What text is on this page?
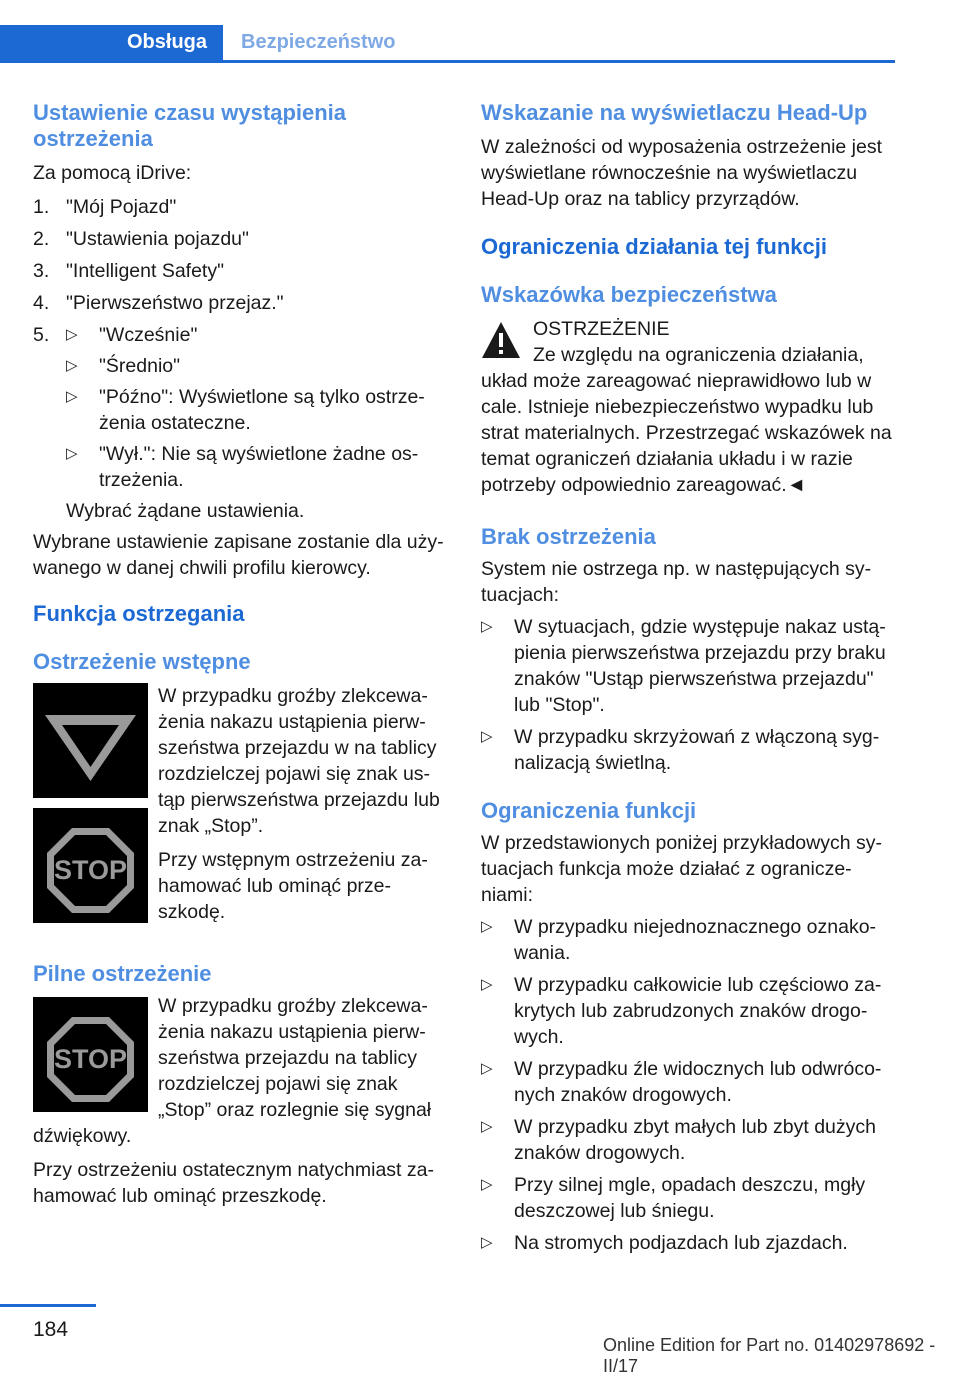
Obsługa	Bezpieczeństwo
Ustawienie czasu wystąpienia ostrzeżenia

Za pomocą iDrive:

1. "Mój Pojazd"
2. "Ustawienia pojazdu"
3. "Intelligent Safety"
4. "Pierwszeństwo przejaz."
5. ▷ "Wcześnie"
▷ "Średnio"
▷ "Późno": Wyświetlone są tylko ostrze- żenia ostateczne.
▷ "Wył.": Nie są wyświetlone żadne os- trzeżenia.

Wybrać żądane ustawienia.

Wybrane ustawienie zapisane zostanie dla uży- wanego w danej chwili profilu kierowcy.

Funkcja ostrzegania
Ostrzeżenie wstępne
STOP

W przypadku groźby zlekcewa- żenia nakazu ustąpienia pierw- szeństwa przejazdu w na tablicy rozdzielczej pojawi się znak us- tąp pierwszeństwa przejazdu lub znak „Stop”.

Przy wstępnym ostrzeżeniu za- hamować lub ominąć prze- szkodę.

Pilne ostrzeżenie
STOP

W przypadku groźby zlekcewa- żenia nakazu ustąpienia pierw- szeństwa przejazdu na tablicy rozdzielczej pojawi się znak „Stop” oraz rozlegnie się sygnał dźwiękowy.

Przy ostrzeżeniu ostatecznym natychmiast za- hamować lub ominąć przeszkodę.

Wskazanie na wyświetlaczu Head-Up

W zależności od wyposażenia ostrzeżenie jest wyświetlane równocześnie na wyświetlaczu Head-Up oraz na tablicy przyrządów.

Ograniczenia działania tej funkcji
Wskazówka bezpieczeństwa

OSTRZEŻENIE

Ze względu na ograniczenia działania, układ może zareagować nieprawidłowo lub w cale. Istnieje niebezpieczeństwo wypadku lub strat materialnych. Przestrzegać wskazówek na temat ograniczeń działania układu i w razie potrzeby odpowiednio zareagować.◄

Brak ostrzeżenia

System nie ostrzega np. w następujących sy- tuacjach:

▷ W sytuacjach, gdzie występuje nakaz ustą- pienia pierwszeństwa przejazdu przy braku znaków "Ustąp pierwszeństwa przejazdu" lub "Stop".
▷ W przypadku skrzyżowań z włączoną syg- nalizacją świetlną.
Ograniczenia funkcji

W przedstawionych poniżej przykładowych sy- tuacjach funkcja może działać z ogranicze- niami:

▷ W przypadku niejednoznacznego oznako- wania.
▷ W przypadku całkowicie lub częściowo za- krytych lub zabrudzonych znaków drogo- wych.
▷ W przypadku źle widocznych lub odwróco- nych znaków drogowych.
▷ W przypadku zbyt małych lub zbyt dużych znaków drogowych.
▷ Przy silnej mgle, opadach deszczu, mgły deszczowej lub śniegu.
▷ Na stromych podjazdach lub zjazdach.
184
Online Edition for Part no. 01402978692 - II/17
